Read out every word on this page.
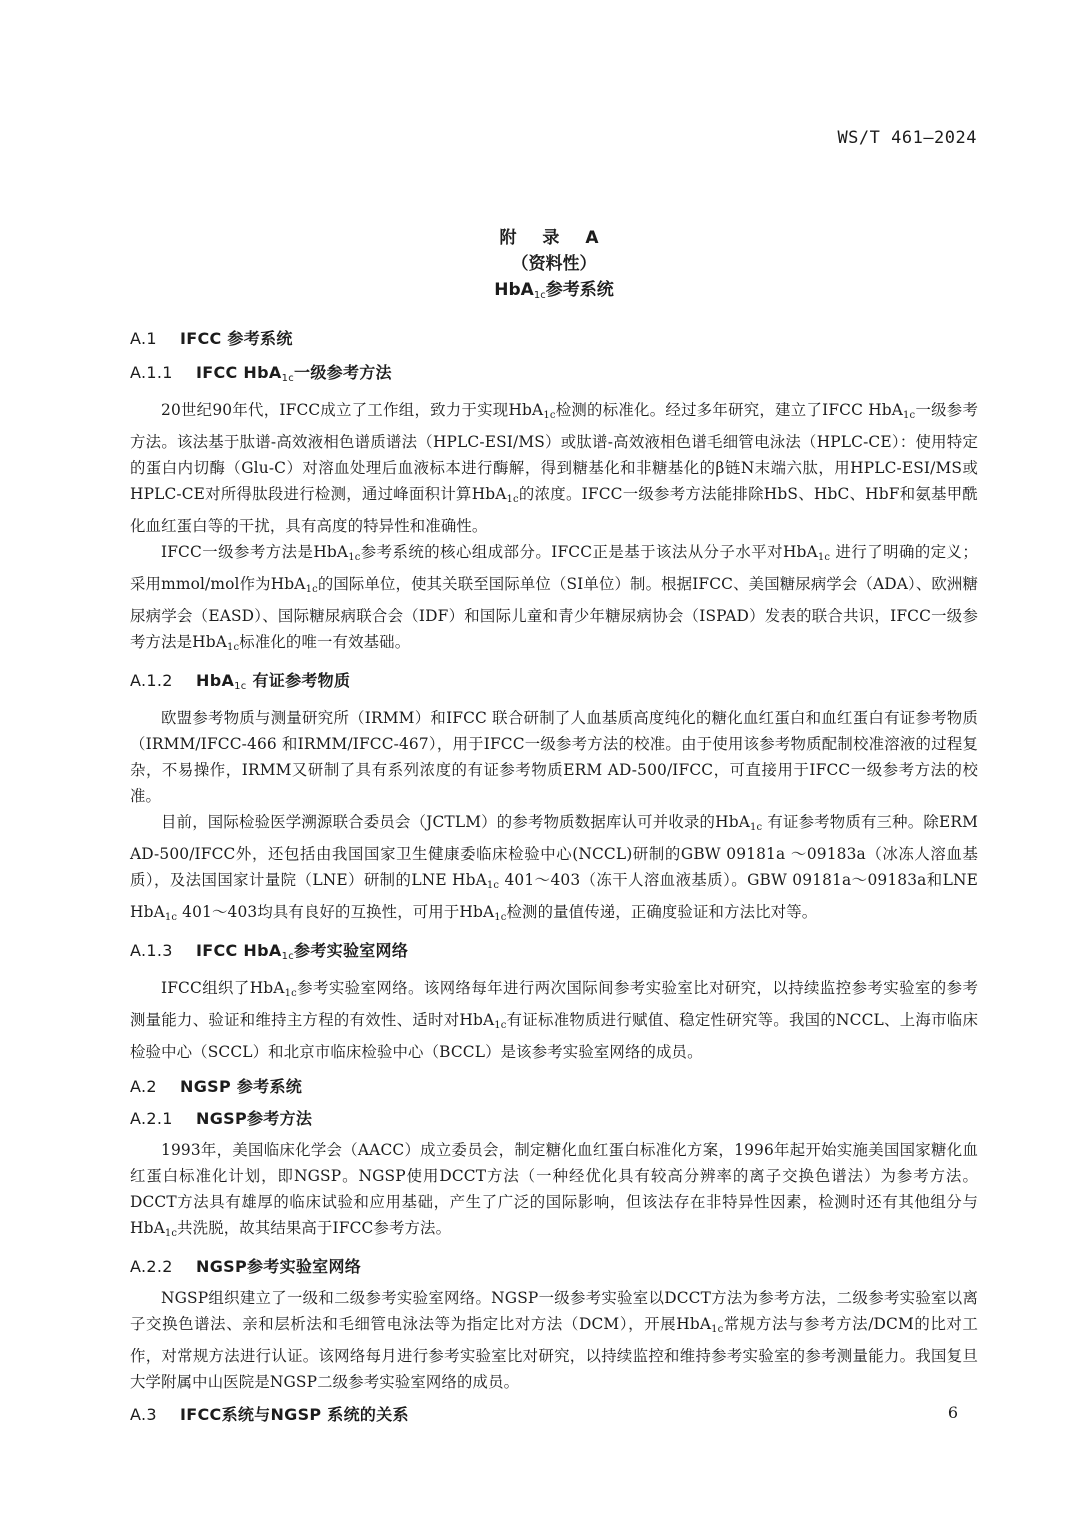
WS/T 461—2024
附 录 A
（资料性）
HbA$_{1c}$参考系统
A.1 IFCC 参考系统
A.1.1 IFCC HbA$_{1c}$一级参考方法

20世纪90年代，IFCC成立了工作组，致力于实现HbA$_{1c}$检测的标准化。经过多年研究，建立了IFCC HbA$_{1c}$一级参考方法。该法基于肽谱-高效液相色谱质谱法（HPLC-ESI/MS）或肽谱-高效液相色谱毛细管电泳法（HPLC-CE）：使用特定的蛋白内切酶（Glu-C）对溶血处理后血液标本进行酶解，得到糖基化和非糖基化的β链N末端六肽，用HPLC-ESI/MS或HPLC-CE对所得肽段进行检测，通过峰面积计算HbA$_{1c}$的浓度。IFCC一级参考方法能排除HbS、HbC、HbF和氨基甲酰化血红蛋白等的干扰，具有高度的特异性和准确性。

IFCC一级参考方法是HbA$_{1c}$参考系统的核心组成部分。IFCC正是基于该法从分子水平对HbA$_{1c}$ 进行了明确的定义；采用mmol/mol作为HbA$_{1c}$的国际单位，使其关联至国际单位（SI单位）制。根据IFCC、美国糖尿病学会（ADA）、欧洲糖尿病学会（EASD）、国际糖尿病联合会（IDF）和国际儿童和青少年糖尿病协会（ISPAD）发表的联合共识，IFCC一级参考方法是HbA$_{1c}$标准化的唯一有效基础。

A.1.2 HbA$_{1c}$ 有证参考物质

欧盟参考物质与测量研究所（IRMM）和IFCC 联合研制了人血基质高度纯化的糖化血红蛋白和血红蛋白有证参考物质（IRMM/IFCC-466 和IRMM/IFCC-467），用于IFCC一级参考方法的校准。由于使用该参考物质配制校准溶液的过程复杂，不易操作，IRMM又研制了具有系列浓度的有证参考物质ERM AD-500/IFCC，可直接用于IFCC一级参考方法的校准。

目前，国际检验医学溯源联合委员会（JCTLM）的参考物质数据库认可并收录的HbA$_{1c}$ 有证参考物质有三种。除ERM AD-500/IFCC外，还包括由我国国家卫生健康委临床检验中心(NCCL)研制的GBW 09181a ～09183a（冰冻人溶血基质），及法国国家计量院（LNE）研制的LNE HbA$_{1c}$ 401～403（冻干人溶血液基质）。GBW 09181a～09183a和LNE HbA$_{1c}$ 401～403均具有良好的互换性，可用于HbA$_{1c}$检测的量值传递，正确度验证和方法比对等。

A.1.3 IFCC HbA$_{1c}$参考实验室网络

IFCC组织了HbA$_{1c}$参考实验室网络。该网络每年进行两次国际间参考实验室比对研究，以持续监控参考实验室的参考测量能力、验证和维持主方程的有效性、适时对HbA$_{1c}$有证标准物质进行赋值、稳定性研究等。我国的NCCL、上海市临床检验中心（SCCL）和北京市临床检验中心（BCCL）是该参考实验室网络的成员。

A.2 NGSP 参考系统
A.2.1 NGSP参考方法

1993年，美国临床化学会（AACC）成立委员会，制定糖化血红蛋白标准化方案，1996年起开始实施美国国家糖化血红蛋白标准化计划，即NGSP。NGSP使用DCCT方法（一种经优化具有较高分辨率的离子交换色谱法）为参考方法。DCCT方法具有雄厚的临床试验和应用基础，产生了广泛的国际影响，但该法存在非特异性因素，检测时还有其他组分与HbA$_{1c}$共洗脱，故其结果高于IFCC参考方法。

A.2.2 NGSP参考实验室网络

NGSP组织建立了一级和二级参考实验室网络。NGSP一级参考实验室以DCCT方法为参考方法，二级参考实验室以离子交换色谱法、亲和层析法和毛细管电泳法等为指定比对方法（DCM），开展HbA$_{1c}$常规方法与参考方法/DCM的比对工作，对常规方法进行认证。该网络每月进行参考实验室比对研究，以持续监控和维持参考实验室的参考测量能力。我国复旦大学附属中山医院是NGSP二级参考实验室网络的成员。

A.3 IFCC系统与NGSP 系统的关系	6
